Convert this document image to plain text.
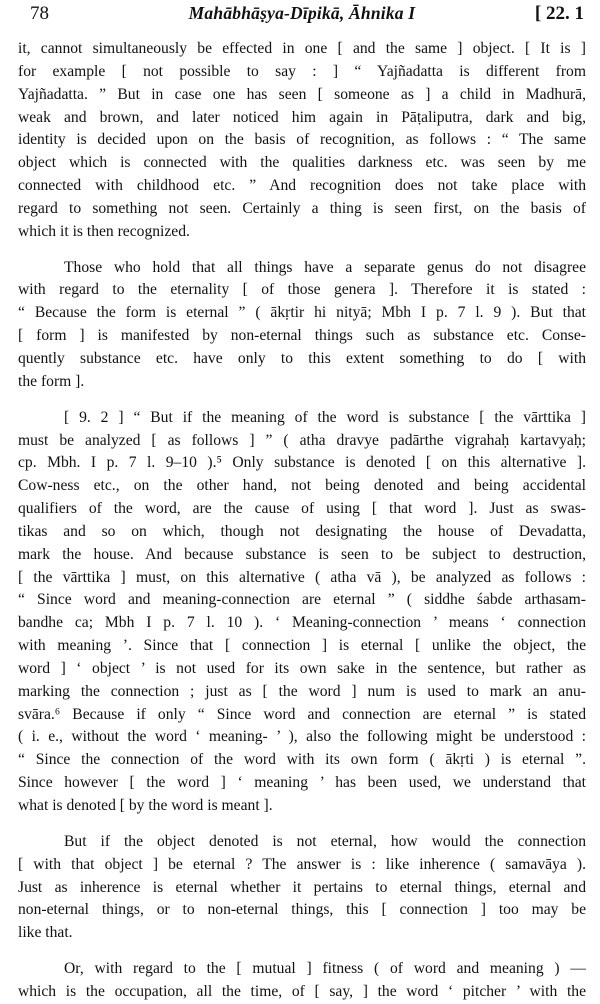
78	Mahābhāṣya-Dīpikā, Āhnika I	[ 22. 1
it, cannot simultaneously be effected in one [ and the same ] object. [ It is ]
for example [ not possible to say : ] “ Yajñadatta is different from
Yajñadatta. ” But in case one has seen [ someone as ] a child in Madhurā,
weak and brown, and later noticed him again in Pāṭaliputra, dark and big,
identity is decided upon on the basis of recognition, as follows : “ The same
object which is connected with the qualities darkness etc. was seen by me
connected with childhood etc. ” And recognition does not take place with
regard to something not seen. Certainly a thing is seen first, on the basis of
which it is then recognized.
Those who hold that all things have a separate genus do not disagree
with regard to the eternality [ of those genera ]. Therefore it is stated :
“ Because the form is eternal ” ( ākṛtir hi nityā; Mbh I p. 7 l. 9 ). But that
[ form ] is manifested by non-eternal things such as substance etc. Conse-
quently substance etc. have only to this extent something to do [ with
the form ].
[ 9. 2 ] “ But if the meaning of the word is substance [ the vārttika ]
must be analyzed [ as follows ] ” ( atha dravye padārthe vigrahaḥ kartavyaḥ;
cp. Mbh. I p. 7 l. 9–10 ).⁵ Only substance is denoted [ on this alternative ].
Cow-ness etc., on the other hand, not being denoted and being accidental
qualifiers of the word, are the cause of using [ that word ]. Just as swas-
tikas and so on which, though not designating the house of Devadatta,
mark the house. And because substance is seen to be subject to destruction,
[ the vārttika ] must, on this alternative ( atha vā ), be analyzed as follows :
“ Since word and meaning-connection are eternal ” ( siddhe śabde arthasam-
bandhe ca; Mbh I p. 7 l. 10 ). ‘ Meaning-connection ’ means ‘ connection
with meaning ’. Since that [ connection ] is eternal [ unlike the object, the
word ] ‘ object ’ is not used for its own sake in the sentence, but rather as
marking the connection ; just as [ the word ] num is used to mark an anu-
svāra.⁶ Because if only “ Since word and connection are eternal ” is stated
( i. e., without the word ‘ meaning- ’ ), also the following might be understood :
“ Since the connection of the word with its own form ( ākṛti ) is eternal ”.
Since however [ the word ] ‘ meaning ’ has been used, we understand that
what is denoted [ by the word is meant ].
But if the object denoted is not eternal, how would the connection
[ with that object ] be eternal ? The answer is : like inherence ( samavāya ).
Just as inherence is eternal whether it pertains to eternal things, eternal and
non-eternal things, or to non-eternal things, this [ connection ] too may be
like that.
Or, with regard to the [ mutual ] fitness ( of word and meaning ) —
which is the occupation, all the time, of [ say, ] the word ‘ pitcher ’ with the
